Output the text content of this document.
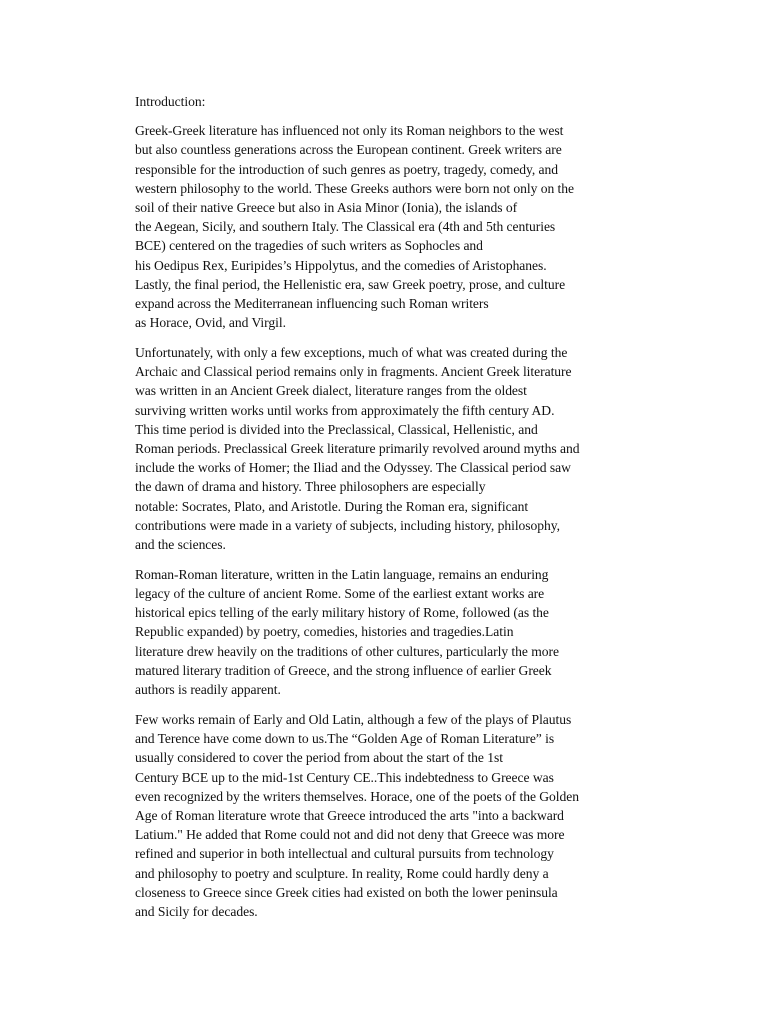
Introduction:
Greek-Greek literature has influenced not only its Roman neighbors to the west
but also countless generations across the European continent. Greek writers are
responsible for the introduction of such genres as poetry, tragedy, comedy, and
western philosophy to the world. These Greeks authors were born not only on the
soil of their native Greece but also in Asia Minor (Ionia), the islands of
the Aegean, Sicily, and southern Italy. The Classical era (4th and 5th centuries
BCE) centered on the tragedies of such writers as Sophocles and
his Oedipus Rex, Euripides’s Hippolytus, and the comedies of Aristophanes.
Lastly, the final period, the Hellenistic era, saw Greek poetry, prose, and culture
expand across the Mediterranean influencing such Roman writers
as Horace, Ovid, and Virgil.
Unfortunately, with only a few exceptions, much of what was created during the
Archaic and Classical period remains only in fragments. Ancient Greek literature
was written in an Ancient Greek dialect, literature ranges from the oldest
surviving written works until works from approximately the fifth century AD.
This time period is divided into the Preclassical, Classical, Hellenistic, and
Roman periods. Preclassical Greek literature primarily revolved around myths and
include the works of Homer; the Iliad and the Odyssey. The Classical period saw
the dawn of drama and history. Three philosophers are especially
notable: Socrates, Plato, and Aristotle. During the Roman era, significant
contributions were made in a variety of subjects, including history, philosophy,
and the sciences.
Roman-Roman literature, written in the Latin language, remains an enduring
legacy of the culture of ancient Rome. Some of the earliest extant works are
historical epics telling of the early military history of Rome, followed (as the
Republic expanded) by poetry, comedies, histories and tragedies.Latin
literature drew heavily on the traditions of other cultures, particularly the more
matured literary tradition of Greece, and the strong influence of earlier Greek
authors is readily apparent.
Few works remain of Early and Old Latin, although a few of the plays of Plautus
and Terence have come down to us.The “Golden Age of Roman Literature” is
usually considered to cover the period from about the start of the 1st
Century BCE up to the mid-1st Century CE..This indebtedness to Greece was
even recognized by the writers themselves. Horace, one of the poets of the Golden
Age of Roman literature wrote that Greece introduced the arts "into a backward
Latium." He added that Rome could not and did not deny that Greece was more
refined and superior in both intellectual and cultural pursuits from technology
and philosophy to poetry and sculpture. In reality, Rome could hardly deny a
closeness to Greece since Greek cities had existed on both the lower peninsula
and Sicily for decades.
